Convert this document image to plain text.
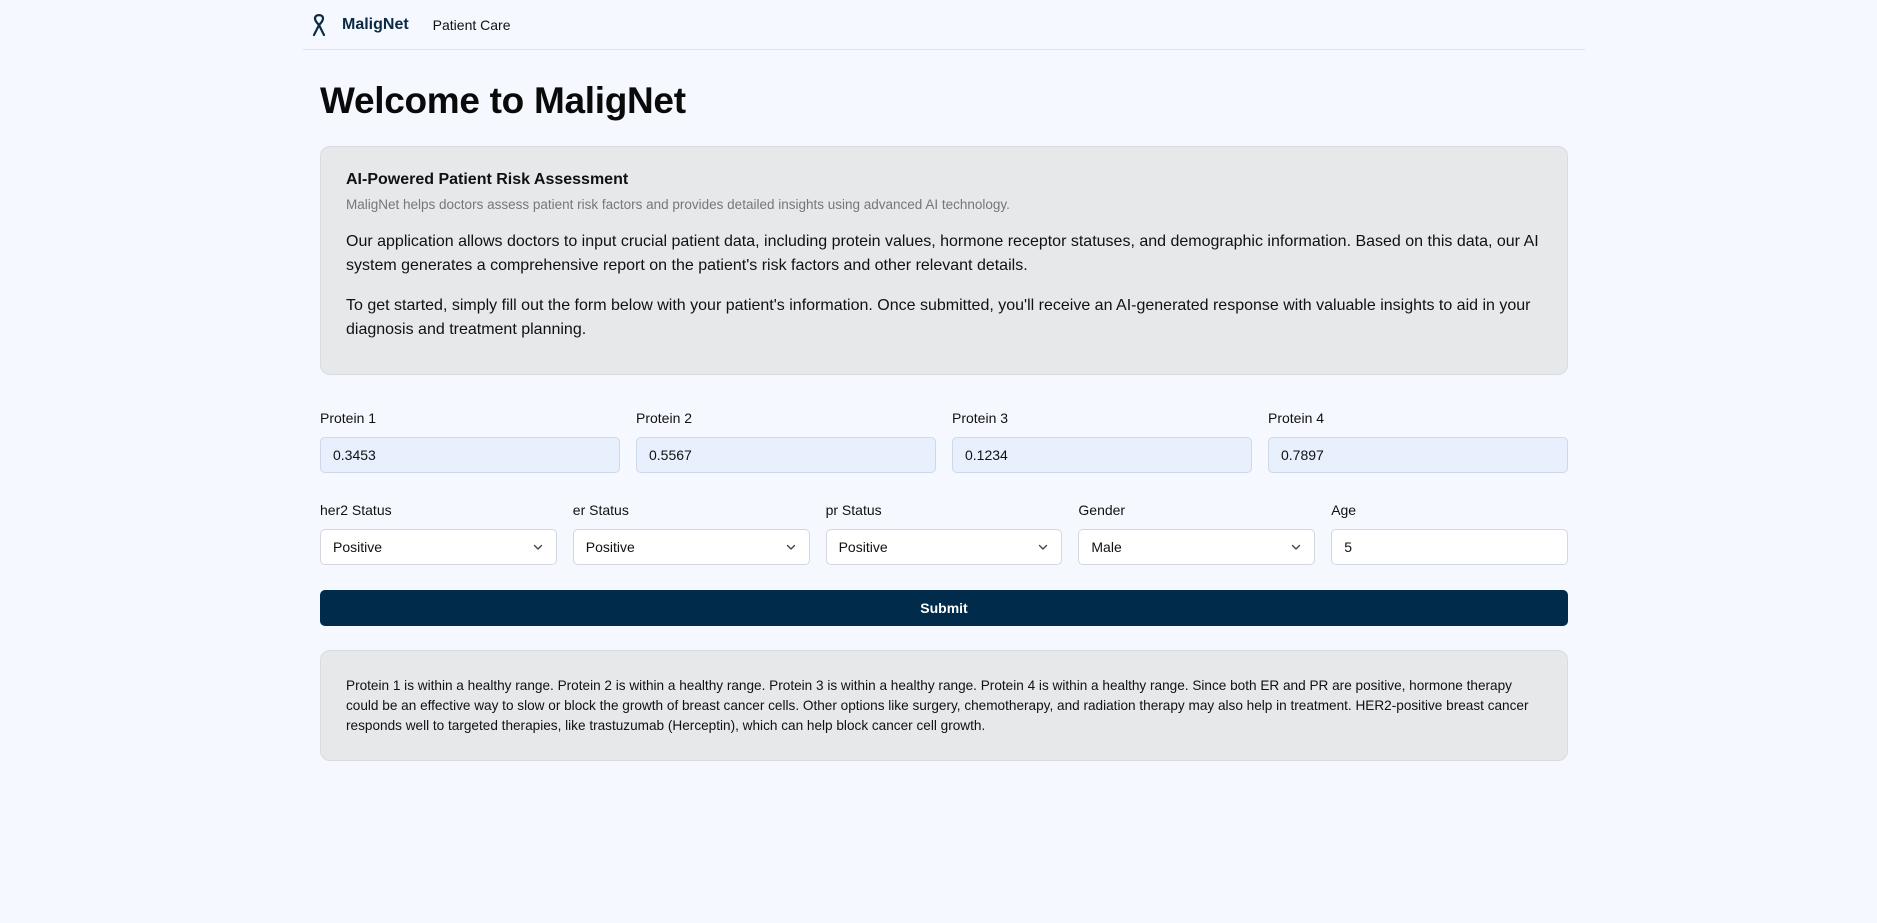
MaligNet Patient Care
Welcome to MaligNet
AI-Powered Patient Risk Assessment
MaligNet helps doctors assess patient risk factors and provides detailed insights using advanced AI technology.

Our application allows doctors to input crucial patient data, including protein values, hormone receptor statuses, and demographic information. Based on this data, our AI system generates a comprehensive report on the patient's risk factors and other relevant details.

To get started, simply fill out the form below with your patient's information. Once submitted, you'll receive an AI-generated response with valuable insights to aid in your diagnosis and treatment planning.

Protein 1
0.3453	Protein 2
0.5567	Protein 3
0.1234	Protein 4
0.7897
her2 Status
Positive
er Status
Positive
pr Status
Positive
Gender
Male
Age
5
Submit

Protein 1 is within a healthy range. Protein 2 is within a healthy range. Protein 3 is within a healthy range. Protein 4 is within a healthy range. Since both ER and PR are positive, hormone therapy could be an effective way to slow or block the growth of breast cancer cells. Other options like surgery, chemotherapy, and radiation therapy may also help in treatment. HER2-positive breast cancer responds well to targeted therapies, like trastuzumab (Herceptin), which can help block cancer cell growth.
